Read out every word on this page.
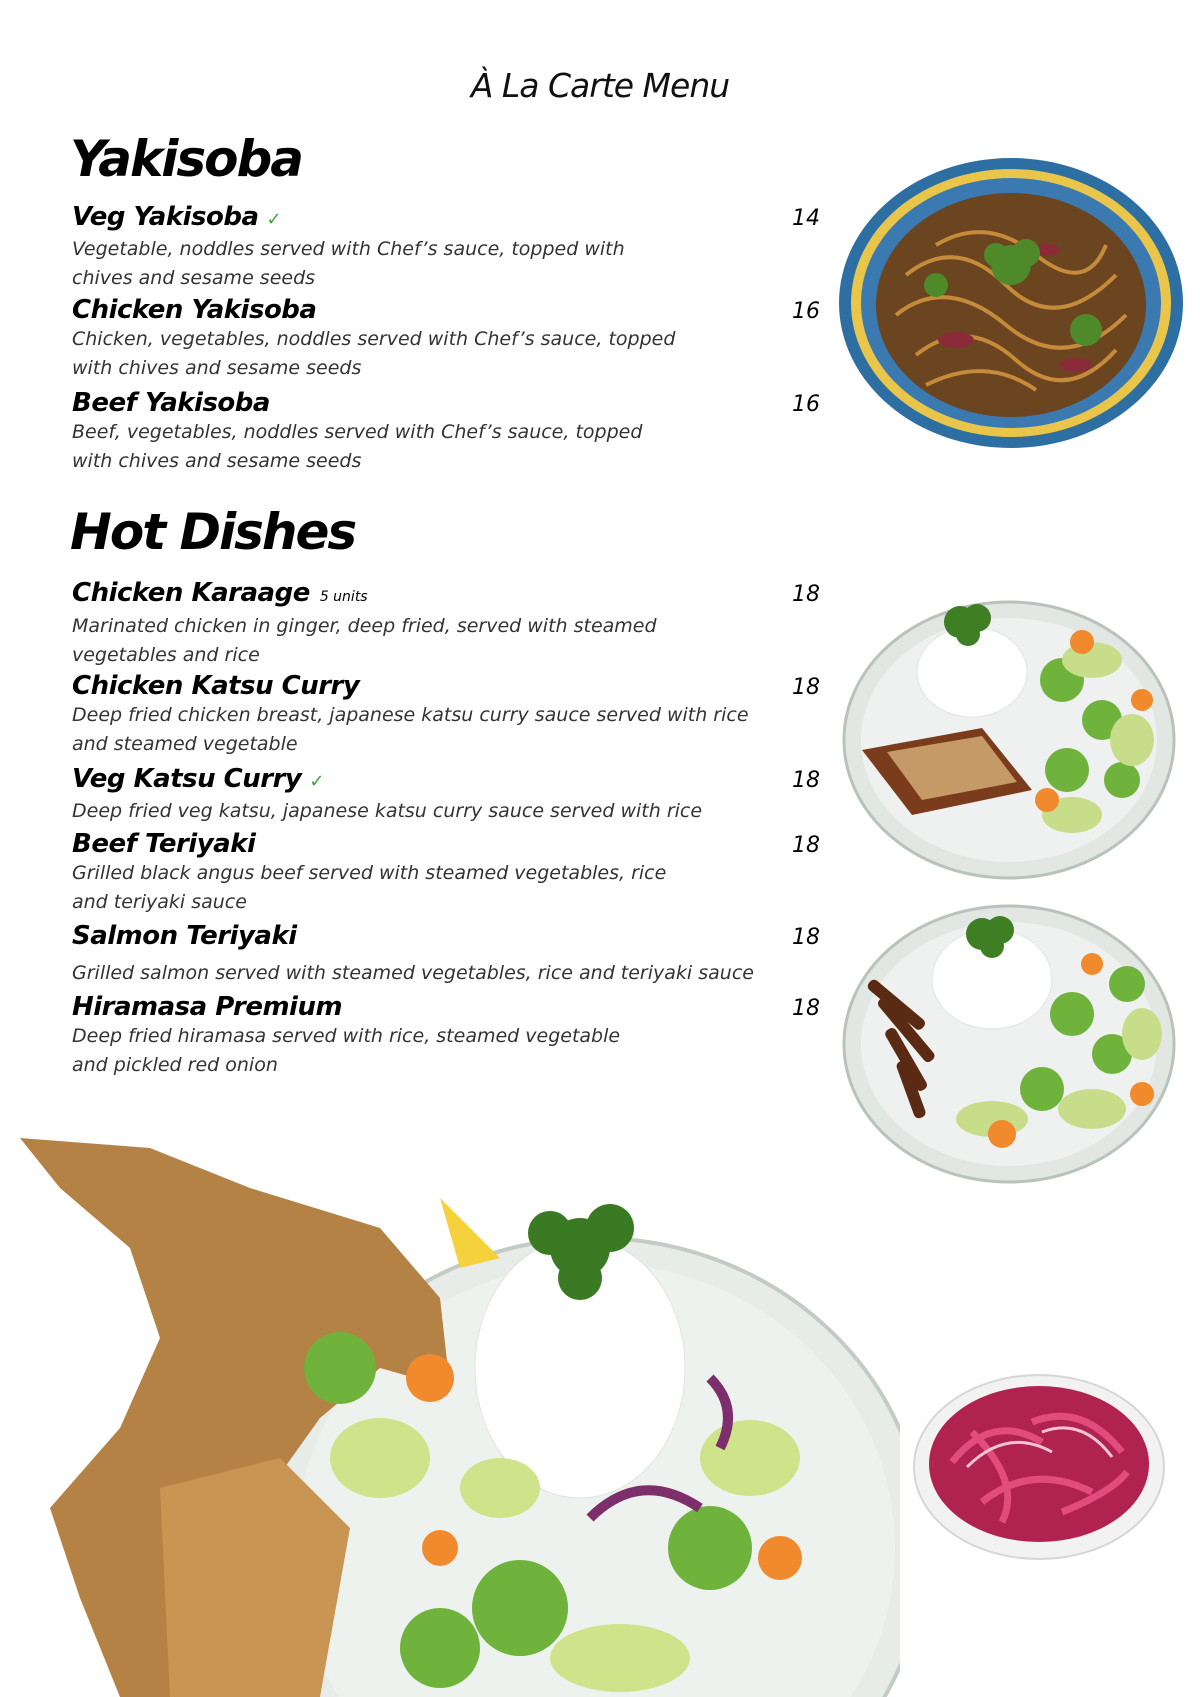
À La Carte Menu
Yakisoba
Veg Yakisoba ✓
Vegetable, noddles served with Chef’s sauce, topped with
chives and sesame seeds
14
Chicken Yakisoba
Chicken, vegetables, noddles served with Chef’s sauce, topped
with chives and sesame seeds
16
Beef Yakisoba
Beef, vegetables, noddles served with Chef’s sauce, topped
with chives and sesame seeds
16
Hot Dishes
Chicken Karaage 5 units
Marinated chicken in ginger, deep fried, served with steamed
vegetables and rice
18
Chicken Katsu Curry
Deep fried chicken breast, japanese katsu curry sauce served with rice
and steamed vegetable
18
Veg Katsu Curry ✓
Deep fried veg katsu, japanese katsu curry sauce served with rice
18
Beef Teriyaki
Grilled black angus beef served with steamed vegetables, rice
and teriyaki sauce
18
Salmon Teriyaki
Grilled salmon served with steamed vegetables, rice and teriyaki sauce
18
Hiramasa Premium
Deep fried hiramasa served with rice, steamed vegetable
and pickled red onion
18
